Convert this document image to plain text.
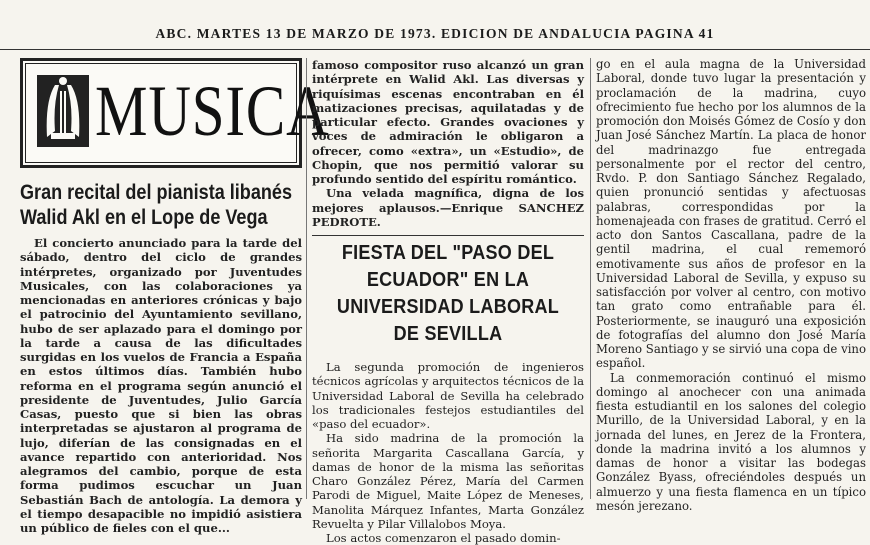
ABC. MARTES 13 DE MARZO DE 1973. EDICION DE ANDALUCIA PAGINA 41
MUSICA
Gran recital del pianista libanés Walid Akl en el Lope de Vega

El concierto anunciado para la tarde del sábado, dentro del ciclo de grandes intérpretes, organizado por Juventudes Musicales, con las colaboraciones ya mencionadas en anteriores crónicas y bajo el patrocinio del Ayuntamiento sevillano, hubo de ser aplazado para el domingo por la tarde a causa de las dificultades surgidas en los vuelos de Francia a España en estos últimos días. También hubo reforma en el programa según anunció el presidente de Juventudes, Julio García Casas, puesto que si bien las obras interpretadas se ajustaron al programa de lujo, diferían de las consignadas en el avance repartido con anterioridad. Nos alegramos del cambio, porque de esta forma pudimos escuchar un Juan Sebastián Bach de antología. La demora y el tiempo desapacible no impidió asistiera un público de fieles con el que...

famoso compositor ruso alcanzó un gran intérprete en Walid Akl. Las diversas y riquísimas escenas encontraban en él matizaciones precisas, aquilatadas y de particular efecto. Grandes ovaciones y voces de admiración le obligaron a ofrecer, como «extra», un «Estudio», de Chopin, que nos permitió valorar su profundo sentido del espíritu romántico.

Una velada magnífica, digna de los mejores aplausos.—Enrique SANCHEZ PEDROTE.

FIESTA DEL "PASO DEL ECUADOR" EN LA UNIVERSIDAD LABORAL DE SEVILLA

La segunda promoción de ingenieros técnicos agrícolas y arquitectos técnicos de la Universidad Laboral de Sevilla ha celebrado los tradicionales festejos estudiantiles del «paso del ecuador».

Ha sido madrina de la promoción la señorita Margarita Cascallana García, y damas de honor de la misma las señoritas Charo González Pérez, María del Carmen Parodi de Miguel, Maite López de Meneses, Manolita Márquez Infantes, Marta González Revuelta y Pilar Villalobos Moya.

Los actos comenzaron el pasado domin-

go en el aula magna de la Universidad Laboral, donde tuvo lugar la presentación y proclamación de la madrina, cuyo ofrecimiento fue hecho por los alumnos de la promoción don Moisés Gómez de Cosío y don Juan José Sánchez Martín. La placa de honor del madrinazgo fue entregada personalmente por el rector del centro, Rvdo. P. don Santiago Sánchez Regalado, quien pronunció sentidas y afectuosas palabras, correspondidas por la homenajeada con frases de gratitud. Cerró el acto don Santos Cascallana, padre de la gentil madrina, el cual rememoró emotivamente sus años de profesor en la Universidad Laboral de Sevilla, y expuso su satisfacción por volver al centro, con motivo tan grato como entrañable para él. Posteriormente, se inauguró una exposición de fotografías del alumno don José María Moreno Santiago y se sirvió una copa de vino español.

La conmemoración continuó el mismo domingo al anochecer con una animada fiesta estudiantil en los salones del colegio Murillo, de la Universidad Laboral, y en la jornada del lunes, en Jerez de la Frontera, donde la madrina invitó a los alumnos y damas de honor a visitar las bodegas González Byass, ofreciéndoles después un almuerzo y una fiesta flamenca en un típico mesón jerezano.
